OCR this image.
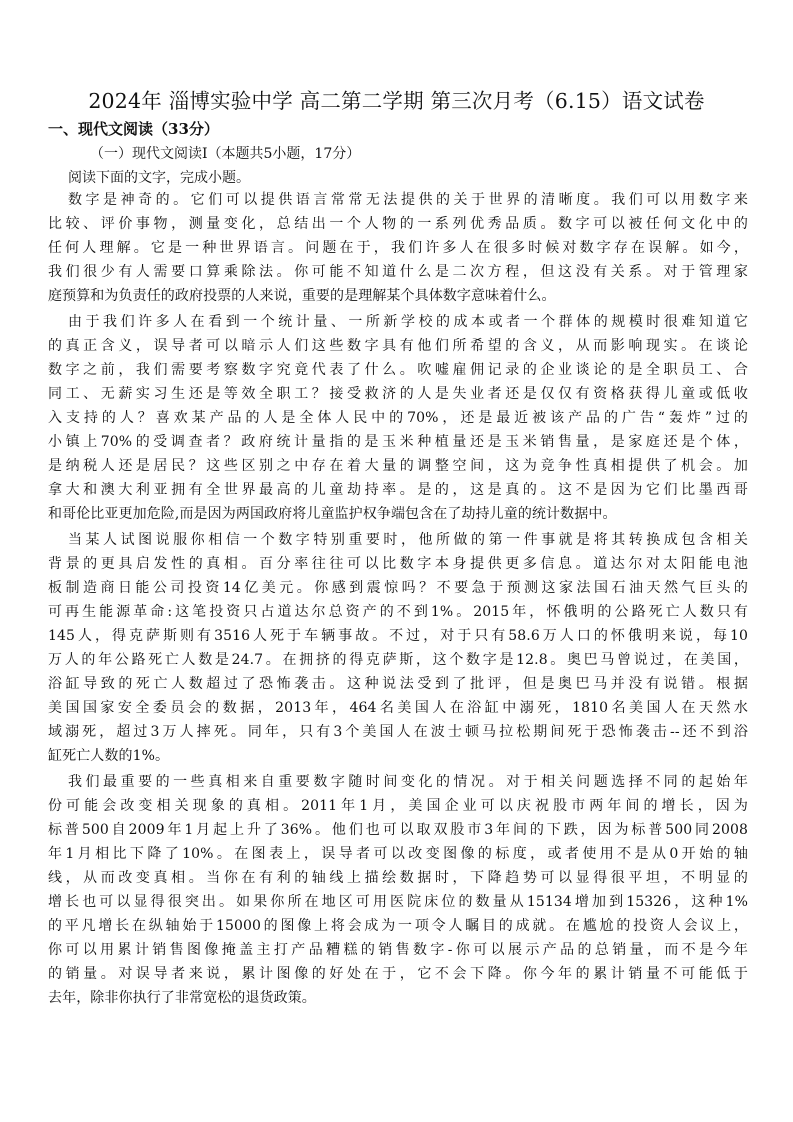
2024年 淄博实验中学 高二第二学期 第三次月考（6.15）语文试卷
一、现代文阅读（33分）
（一）现代文阅读Ⅰ（本题共5小题，17分）
阅读下面的文字，完成小题。
数字是神奇的。它们可以提供语言常常无法提供的关于世界的清晰度。我们可以用数字来
比较、评价事物，测量变化，总结出一个人物的一系列优秀品质。数字可以被任何文化中的
任何人理解。它是一种世界语言。问题在于，我们许多人在很多时候对数字存在误解。如今，
我们很少有人需要口算乘除法。你可能不知道什么是二次方程，但这没有关系。对于管理家
庭预算和为负责任的政府投票的人来说，重要的是理解某个具体数字意味着什么。
由于我们许多人在看到一个统计量、一所新学校的成本或者一个群体的规模时很难知道它
的真正含义，误导者可以暗示人们这些数字具有他们所希望的含义，从而影响现实。在谈论
数字之前，我们需要考察数字究竟代表了什么。吹嘘雇佣记录的企业谈论的是全职员工、合
同工、无薪实习生还是等效全职工？接受救济的人是失业者还是仅仅有资格获得儿童或低收
入支持的人？喜欢某产品的人是全体人民中的70%，还是最近被该产品的广告“轰炸”过的
小镇上70%的受调查者？政府统计量指的是玉米种植量还是玉米销售量，是家庭还是个体，
是纳税人还是居民？这些区别之中存在着大量的调整空间，这为竞争性真相提供了机会。加
拿大和澳大利亚拥有全世界最高的儿童劫持率。是的，这是真的。这不是因为它们比墨西哥
和哥伦比亚更加危险,而是因为两国政府将儿童监护权争端包含在了劫持儿童的统计数据中。
当某人试图说服你相信一个数字特别重要时，他所做的第一件事就是将其转换成包含相关
背景的更具启发性的真相。百分率往往可以比数字本身提供更多信息。道达尔对太阳能电池
板制造商日能公司投资14亿美元。你感到震惊吗？不要急于预测这家法国石油天然气巨头的
可再生能源革命:这笔投资只占道达尔总资产的不到1%。2015年，怀俄明的公路死亡人数只有
145人，得克萨斯则有3516人死于车辆事故。不过，对于只有58.6万人口的怀俄明来说，每10
万人的年公路死亡人数是24.7。在拥挤的得克萨斯，这个数字是12.8。奥巴马曾说过，在美国，
浴缸导致的死亡人数超过了恐怖袭击。这种说法受到了批评，但是奥巴马并没有说错。根据
美国国家安全委员会的数据，2013年，464名美国人在浴缸中溺死，1810名美国人在天然水
域溺死，超过3万人摔死。同年，只有3个美国人在波士顿马拉松期间死于恐怖袭击--还不到浴
缸死亡人数的1%。
我们最重要的一些真相来自重要数字随时间变化的情况。对于相关问题选择不同的起始年
份可能会改变相关现象的真相。2011年1月，美国企业可以庆祝股市两年间的增长，因为
标普500自2009年1月起上升了36%。他们也可以取双股市3年间的下跌，因为标普500同2008
年1月相比下降了10%。在图表上，误导者可以改变图像的标度，或者使用不是从0开始的轴
线，从而改变真相。当你在有利的轴线上描绘数据时，下降趋势可以显得很平坦，不明显的
增长也可以显得很突出。如果你所在地区可用医院床位的数量从15134增加到15326，这种1%
的平凡增长在纵轴始于15000的图像上将会成为一项令人瞩目的成就。在尴尬的投资人会议上，
你可以用累计销售图像掩盖主打产品糟糕的销售数字-你可以展示产品的总销量，而不是今年
的销量。对误导者来说，累计图像的好处在于，它不会下降。你今年的累计销量不可能低于
去年，除非你执行了非常宽松的退货政策。
